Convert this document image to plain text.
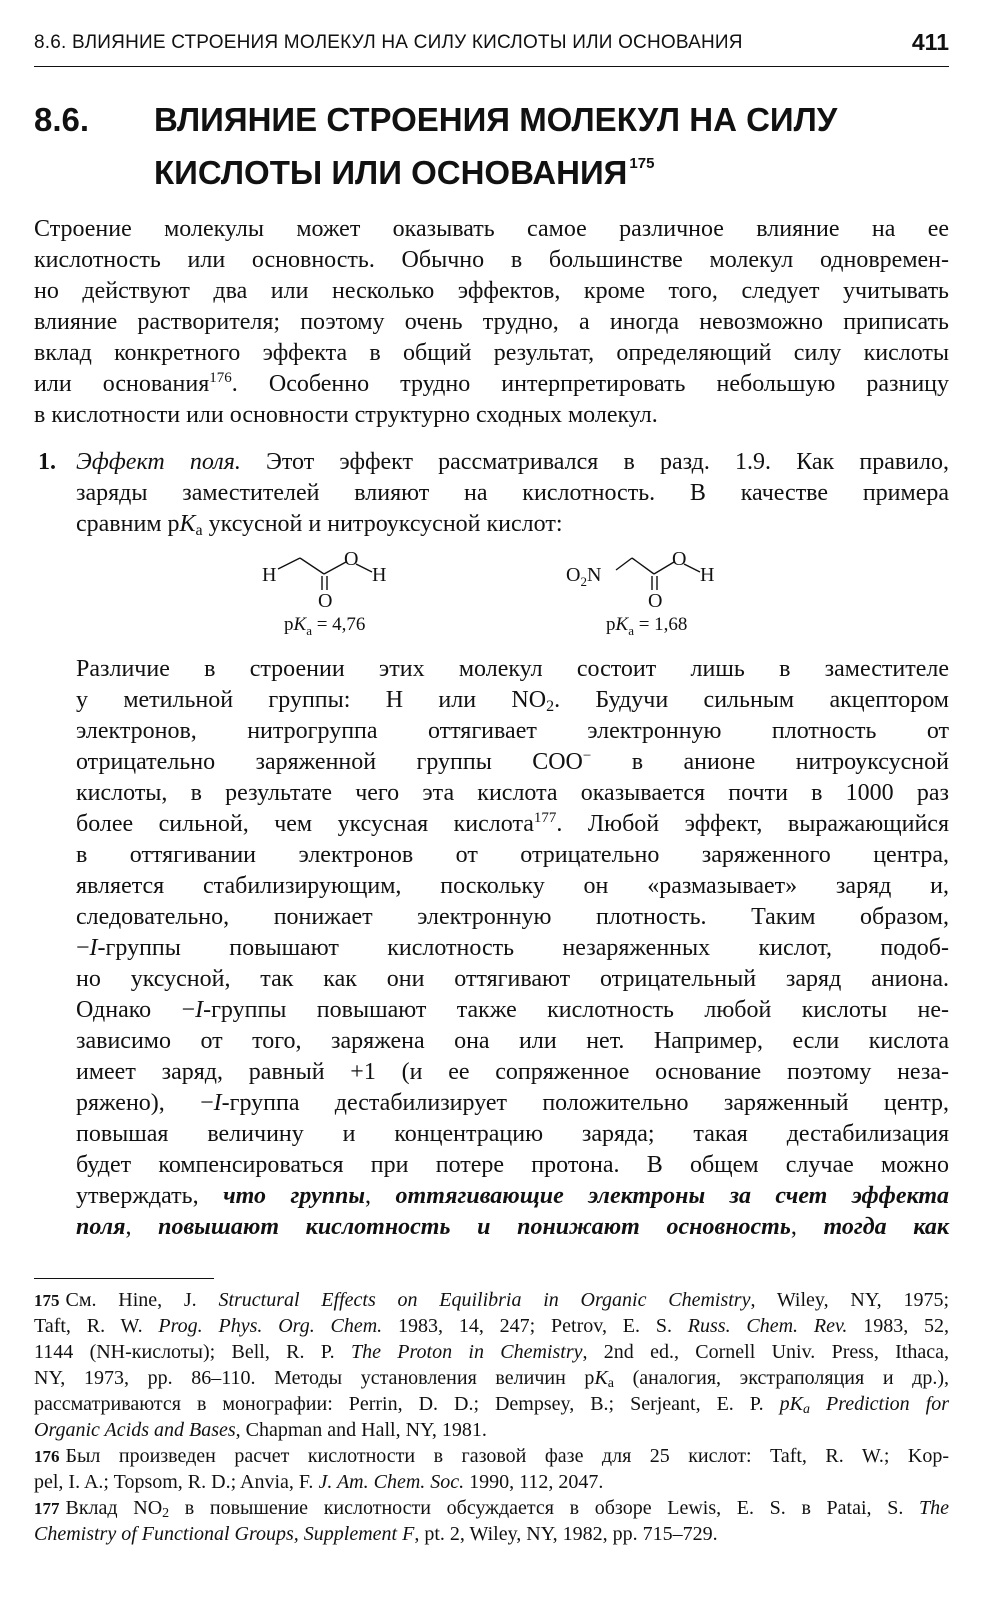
8.6. ВЛИЯНИЕ СТРОЕНИЯ МОЛЕКУЛ НА СИЛУ КИСЛОТЫ ИЛИ ОСНОВАНИЯ	411
8.6. ВЛИЯНИЕ СТРОЕНИЯ МОЛЕКУЛ НА СИЛУ
КИСЛОТЫ ИЛИ ОСНОВАНИЯ $^{175}$
Строение молекулы может оказывать самое различное влияние на ее
кислотность или основность. Обычно в большинстве молекул одновремен-
но действуют два или несколько эффектов, кроме того, следует учитывать
влияние растворителя; поэтому очень трудно, а иногда невозможно приписать
вклад конкретного эффекта в общий результат, определяющий силу кислоты
или основания$^{176}$. Особенно трудно интерпретировать небольшую разницу
в кислотности или основности структурно сходных молекул.
1. Эффект поля. Этот эффект рассматривался в разд. 1.9. Как правило,
заряды заместителей влияют на кислотность. В качестве примера
сравним $pK_a$ уксусной и нитроуксусной кислот:
H
O
H
O
$pK_a = 4,76$
$O_2N$
O
H
O
$pK_a = 1,68$
Различие в строении этих молекул состоит лишь в заместителе
у метильной группы: H или $NO_2$. Будучи сильным акцептором
электронов, нитрогруппа оттягивает электронную плотность от
отрицательно заряженной группы COO− в анионе нитроуксусной
кислоты, в результате чего эта кислота оказывается почти в 1000 раз
более сильной, чем уксусная кислота$^{177}$. Любой эффект, выражающийся
в оттягивании электронов от отрицательно заряженного центра,
является стабилизирующим, поскольку он «размазывает» заряд и,
следовательно, понижает электронную плотность. Таким образом,
−I-группы повышают кислотность незаряженных кислот, подоб-
но уксусной, так как они оттягивают отрицательный заряд аниона.
Однако −I-группы повышают также кислотность любой кислоты не-
зависимо от того, заряжена она или нет. Например, если кислота
имеет заряд, равный +1 (и ее сопряженное основание поэтому неза-
ряжено), −I-группа дестабилизирует положительно заряженный центр,
повышая величину и концентрацию заряда; такая дестабилизация
будет компенсироваться при потере протона. В общем случае можно
утверждать, что группы, оттягивающие электроны за счет эффекта
поля, повышают кислотность и понижают основность, тогда как
175 См. Hine, J. Structural Effects on Equilibria in Organic Chemistry, Wiley, NY, 1975;
Taft, R. W. Prog. Phys. Org. Chem. 1983, 14, 247; Petrov, E. S. Russ. Chem. Rev. 1983, 52,
1144 (NH-кислоты); Bell, R. P. The Proton in Chemistry, 2nd ed., Cornell Univ. Press, Ithaca,
NY, 1973, pp. 86–110. Методы установления величин $pK_a$ (аналогия, экстраполяция и др.),
рассматриваются в монографии: Perrin, D. D.; Dempsey, B.; Serjeant, E. P. $pK_a$ Prediction for
Organic Acids and Bases, Chapman and Hall, NY, 1981.
176 Был произведен расчет кислотности в газовой фазе для 25 кислот: Taft, R. W.; Kop-
pel, I. A.; Topsom, R. D.; Anvia, F. J. Am. Chem. Soc. 1990, 112, 2047.
177 Вклад $NO_2$ в повышение кислотности обсуждается в обзоре Lewis, E. S. в Patai, S. The
Chemistry of Functional Groups, Supplement F, pt. 2, Wiley, NY, 1982, pp. 715–729.
